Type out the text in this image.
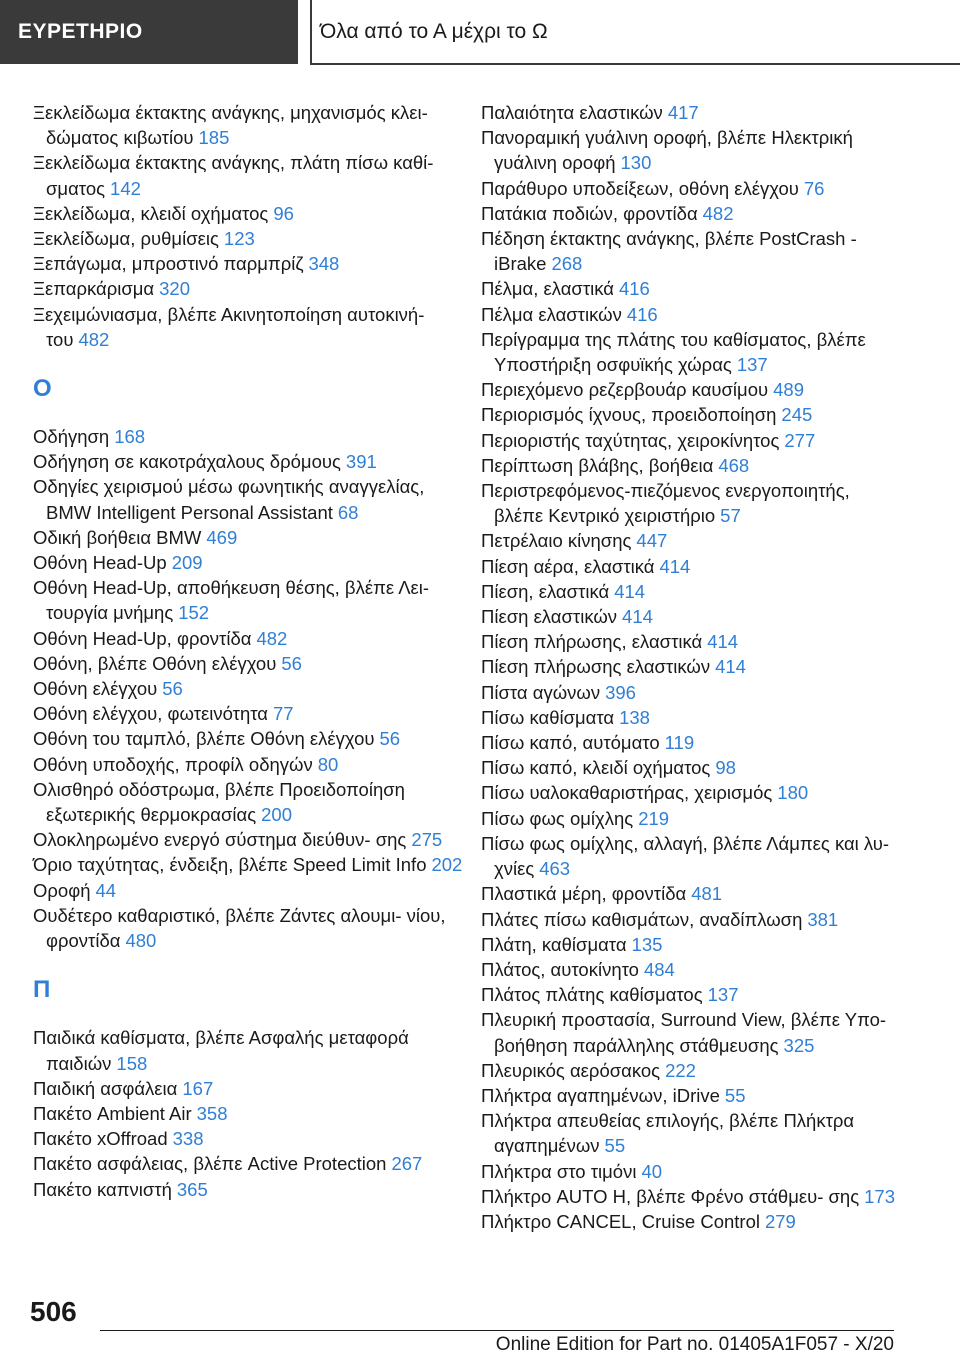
ΕΥΡΕΤΗΡΙΟ	Όλα από το Α μέχρι το Ω
Ξεκλείδωμα έκτακτης ανάγκης, μηχανισμός κλει- δώματος κιβωτίου 185
Ξεκλείδωμα έκτακτης ανάγκης, πλάτη πίσω καθί- σματος 142
Ξεκλείδωμα, κλειδί οχήματος 96
Ξεκλείδωμα, ρυθμίσεις 123
Ξεπάγωμα, μπροστινό παρμπρίζ 348
Ξεπαρκάρισμα 320
Ξεχειμώνιασμα, βλέπε Ακινητοποίηση αυτοκινή- του 482
Ο
Οδήγηση 168
Οδήγηση σε κακοτράχαλους δρόμους 391
Οδηγίες χειρισμού μέσω φωνητικής αναγγελίας, BMW Intelligent Personal Assistant 68
Οδική βοήθεια BMW 469
Οθόνη Head-Up 209
Οθόνη Head-Up, αποθήκευση θέσης, βλέπε Λει- τουργία μνήμης 152
Οθόνη Head-Up, φροντίδα 482
Οθόνη, βλέπε Οθόνη ελέγχου 56
Οθόνη ελέγχου 56
Οθόνη ελέγχου, φωτεινότητα 77
Οθόνη του ταμπλό, βλέπε Οθόνη ελέγχου 56
Οθόνη υποδοχής, προφίλ οδηγών 80
Ολισθηρό οδόστρωμα, βλέπε Προειδοποίηση εξωτερικής θερμοκρασίας 200
Ολοκληρωμένο ενεργό σύστημα διεύθυν- σης 275
Όριο ταχύτητας, ένδειξη, βλέπε Speed Limit Info 202
Οροφή 44
Ουδέτερο καθαριστικό, βλέπε Ζάντες αλουμι- νίου, φροντίδα 480
Π
Παιδικά καθίσματα, βλέπε Ασφαλής μεταφορά παιδιών 158
Παιδική ασφάλεια 167
Πακέτο Ambient Air 358
Πακέτο xOffroad 338
Πακέτο ασφάλειας, βλέπε Active Protection 267
Πακέτο καπνιστή 365
Παλαιότητα ελαστικών 417
Πανοραμική γυάλινη οροφή, βλέπε Ηλεκτρική γυάλινη οροφή 130
Παράθυρο υποδείξεων, οθόνη ελέγχου 76
Πατάκια ποδιών, φροντίδα 482
Πέδηση έκτακτης ανάγκης, βλέπε PostCrash - iBrake 268
Πέλμα, ελαστικά 416
Πέλμα ελαστικών 416
Περίγραμμα της πλάτης του καθίσματος, βλέπε Υποστήριξη οσφυϊκής χώρας 137
Περιεχόμενο ρεζερβουάρ καυσίμου 489
Περιορισμός ίχνους, προειδοποίηση 245
Περιοριστής ταχύτητας, χειροκίνητος 277
Περίπτωση βλάβης, βοήθεια 468
Περιστρεφόμενος-πιεζόμενος ενεργοποιητής, βλέπε Κεντρικό χειριστήριο 57
Πετρέλαιο κίνησης 447
Πίεση αέρα, ελαστικά 414
Πίεση, ελαστικά 414
Πίεση ελαστικών 414
Πίεση πλήρωσης, ελαστικά 414
Πίεση πλήρωσης ελαστικών 414
Πίστα αγώνων 396
Πίσω καθίσματα 138
Πίσω καπό, αυτόματο 119
Πίσω καπό, κλειδί οχήματος 98
Πίσω υαλοκαθαριστήρας, χειρισμός 180
Πίσω φως ομίχλης 219
Πίσω φως ομίχλης, αλλαγή, βλέπε Λάμπες και λυ- χνίες 463
Πλαστικά μέρη, φροντίδα 481
Πλάτες πίσω καθισμάτων, αναδίπλωση 381
Πλάτη, καθίσματα 135
Πλάτος, αυτοκίνητο 484
Πλάτος πλάτης καθίσματος 137
Πλευρική προστασία, Surround View, βλέπε Υπο- βοήθηση παράλληλης στάθμευσης 325
Πλευρικός αερόσακος 222
Πλήκτρα αγαπημένων, iDrive 55
Πλήκτρα απευθείας επιλογής, βλέπε Πλήκτρα αγαπημένων 55
Πλήκτρα στο τιμόνι 40
Πλήκτρο AUTO H, βλέπε Φρένο στάθμευ- σης 173
Πλήκτρο CANCEL, Cruise Control 279
506
Online Edition for Part no. 01405A1F057 - X/20
